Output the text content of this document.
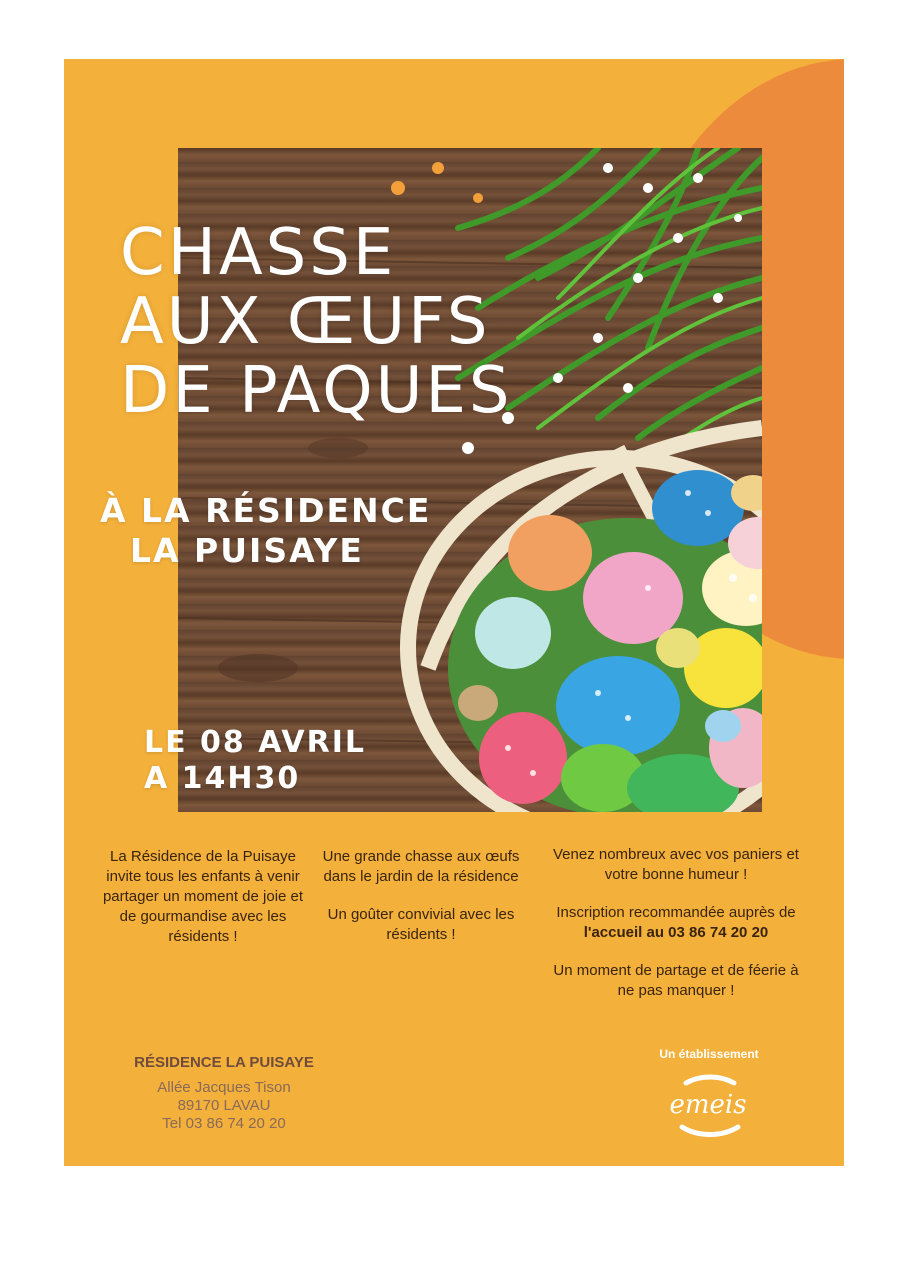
CHASSE
AUX ŒUFS
DE PAQUES
À LA RÉSIDENCE
LA PUISAYE
LE 08 AVRIL
A 14H30

La Résidence de la Puisaye invite tous les enfants à venir partager un moment de joie et de gourmandise avec les résidents !

Une grande chasse aux œufs dans le jardin de la résidence

Un goûter convivial avec les résidents !

Venez nombreux avec vos paniers et votre bonne humeur !

Inscription recommandée auprès de
l'accueil au 03 86 74 20 20

Un moment de partage et de féerie à ne pas manquer !

RÉSIDENCE LA PUISAYE
Allée Jacques Tison
89170 LAVAU
Tel 03 86 74 20 20
Un établissement
emeis
